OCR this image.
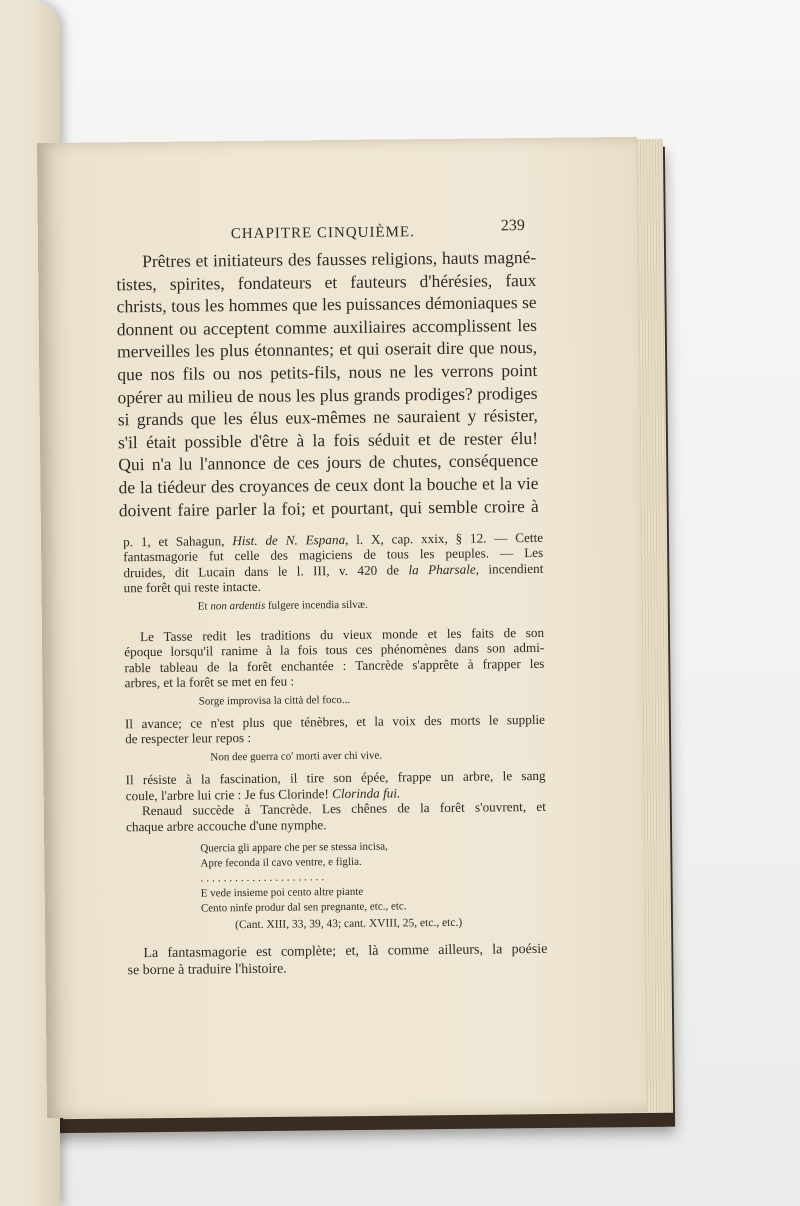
CHAPITRE CINQUIÈME.	239
Prêtres et initiateurs des fausses religions, hauts magné-
tistes, spirites, fondateurs et fauteurs d'hérésies, faux
christs, tous les hommes que les puissances démoniaques se
donnent ou acceptent comme auxiliaires accomplissent les
merveilles les plus étonnantes; et qui oserait dire que nous,
que nos fils ou nos petits-fils, nous ne les verrons point
opérer au milieu de nous les plus grands prodiges? prodiges
si grands que les élus eux-mêmes ne sauraient y résister,
s'il était possible d'être à la fois séduit et de rester élu!
Qui n'a lu l'annonce de ces jours de chutes, conséquence
de la tiédeur des croyances de ceux dont la bouche et la vie
doivent faire parler la foi; et pourtant, qui semble croire à

p. 1, et Sahagun, Hist. de N. Espana, l. X, cap. xxix, § 12. — Cette
fantasmagorie fut celle des magiciens de tous les peuples. — Les
druides, dit Lucain dans le l. III, v. 420 de la Pharsale, incendient
une forêt qui reste intacte.

Et non ardentis fulgere incendia silvæ.

Le Tasse redit les traditions du vieux monde et les faits de son
époque lorsqu'il ranime à la fois tous ces phénomènes dans son admi-
rable tableau de la forêt enchantée : Tancrède s'apprête à frapper les
arbres, et la forêt se met en feu :

Sorge improvisa la città del foco...

Il avance; ce n'est plus que ténèbres, et la voix des morts le supplie
de respecter leur repos :

Non dee guerra co' morti aver chi vive.

Il résiste à la fascination, il tire son épée, frappe un arbre, le sang
coule, l'arbre lui crie : Je fus Clorinde! Clorinda fui.
Renaud succède à Tancrède. Les chênes de la forêt s'ouvrent, et
chaque arbre accouche d'une nymphe.

Quercia gli appare che per se stessa incisa,
Apre feconda il cavo ventre, e figlia.
......................
E vede insieme poi cento altre piante
Cento ninfe produr dal sen pregnante, etc., etc.
(Cant. XIII, 33, 39, 43; cant. XVIII, 25, etc., etc.)
La fantasmagorie est complète; et, là comme ailleurs, la poésie
se borne à traduire l'histoire.
